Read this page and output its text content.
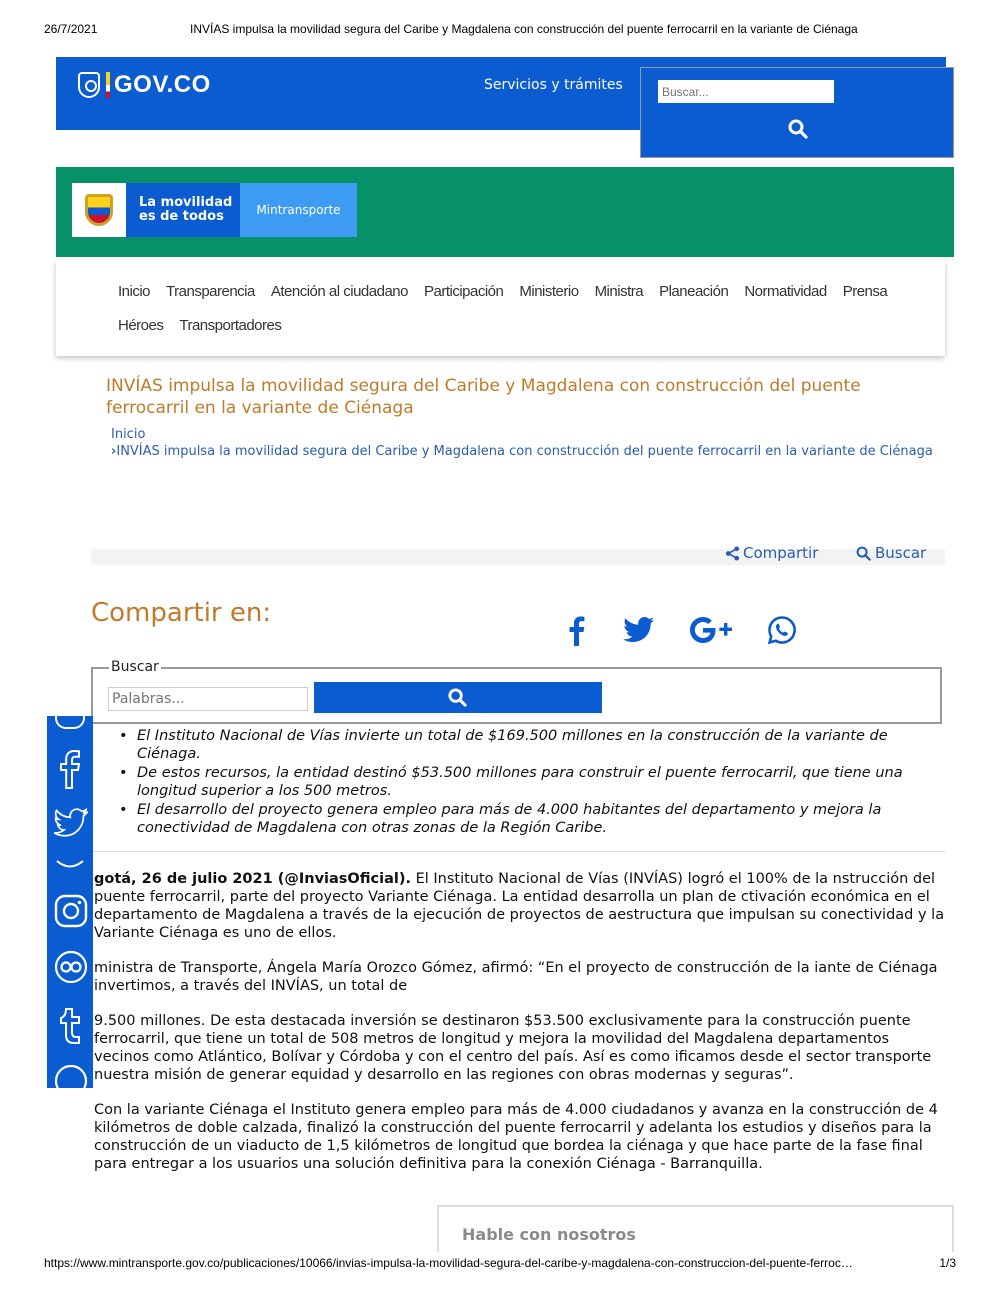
26/7/2021	INVÍAS impulsa la movilidad segura del Caribe y Magdalena con construcción del puente ferrocarril en la variante de Ciénaga
GOV.CO	Servicios y trámites
Buscar...
La movilidad
es de todos	Mintransporte
Inicio Transparencia Atención al ciudadano Participación Ministerio Ministra Planeación Normatividad Prensa
Héroes Transportadores
INVÍAS impulsa la movilidad segura del Caribe y Magdalena con construcción del puente ferrocarril en la variante de Ciénaga
Inicio
›INVÍAS impulsa la movilidad segura del Caribe y Magdalena con construcción del puente ferrocarril en la variante de Ciénaga
Compartir	Buscar
Compartir en:
Buscar
Palabras...
• El Instituto Nacional de Vías invierte un total de $169.500 millones en la construcción de la variante de Ciénaga.
• De estos recursos, la entidad destinó $53.500 millones para construir el puente ferrocarril, que tiene una longitud superior a los 500 metros.
• El desarrollo del proyecto genera empleo para más de 4.000 habitantes del departamento y mejora la conectividad de Magdalena con otras zonas de la Región Caribe.

gotá, 26 de julio 2021 (@InviasOficial). El Instituto Nacional de Vías (INVÍAS) logró el 100% de la nstrucción del puente ferrocarril, parte del proyecto Variante Ciénaga. La entidad desarrolla un plan de ctivación económica en el departamento de Magdalena a través de la ejecución de proyectos de aestructura que impulsan su conectividad y la Variante Ciénaga es uno de ellos.

ministra de Transporte, Ángela María Orozco Gómez, afirmó: “En el proyecto de construcción de la iante de Ciénaga invertimos, a través del INVÍAS, un total de

9.500 millones. De esta destacada inversión se destinaron $53.500 exclusivamente para la construcción puente ferrocarril, que tiene un total de 508 metros de longitud y mejora la movilidad del Magdalena departamentos vecinos como Atlántico, Bolívar y Córdoba y con el centro del país. Así es como ificamos desde el sector transporte nuestra misión de generar equidad y desarrollo en las regiones con obras modernas y seguras”.

Con la variante Ciénaga el Instituto genera empleo para más de 4.000 ciudadanos y avanza en la construcción de 4 kilómetros de doble calzada, finalizó la construcción del puente ferrocarril y adelanta los estudios y diseños para la construcción de un viaducto de 1,5 kilómetros de longitud que bordea la ciénaga y que hace parte de la fase final para entregar a los usuarios una solución definitiva para la conexión Ciénaga - Barranquilla.

Hable con nosotros
https://www.mintransporte.gov.co/publicaciones/10066/invias-impulsa-la-movilidad-segura-del-caribe-y-magdalena-con-construccion-del-puente-ferroc…	1/3
